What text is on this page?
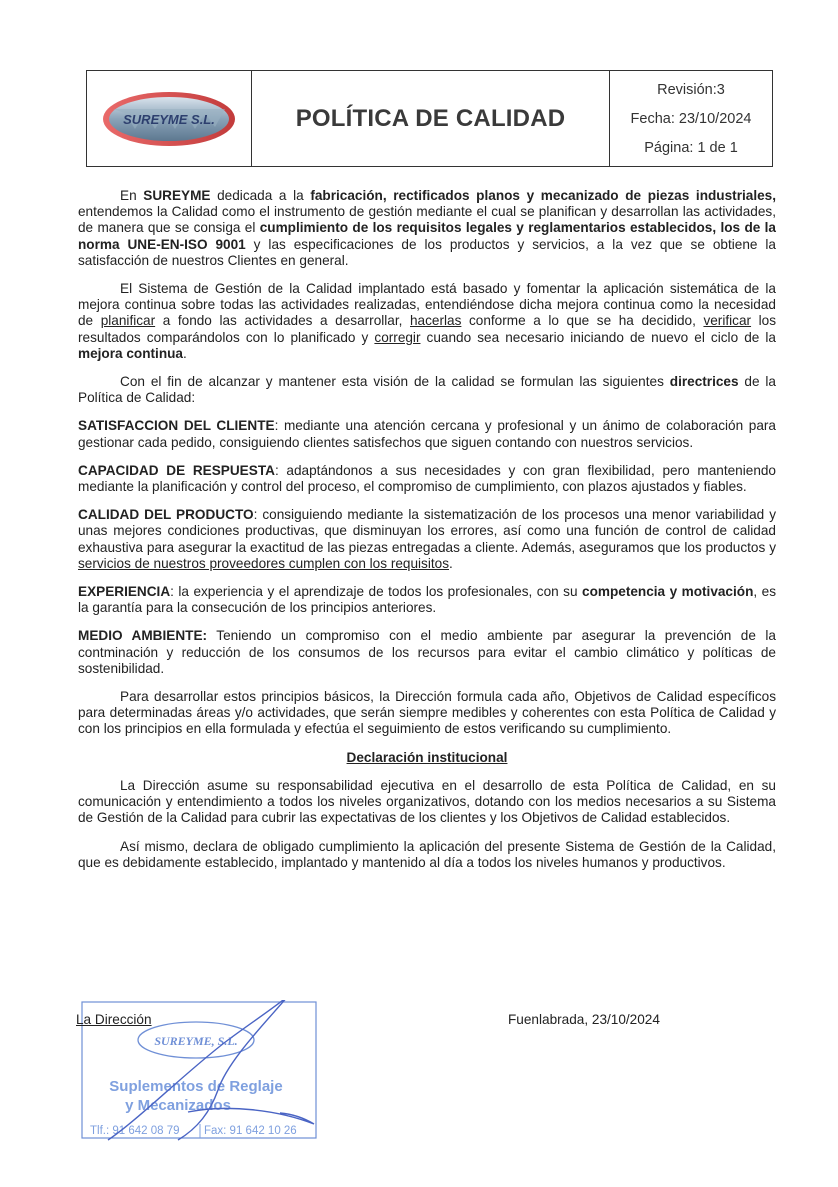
SUREYME S.L.	POLÍTICA DE CALIDAD
Revisión:3
Fecha: 23/10/2024
Página: 1 de 1

En SUREYME dedicada a la fabricación, rectificados planos y mecanizado de piezas industriales, entendemos la Calidad como el instrumento de gestión mediante el cual se planifican y desarrollan las actividades, de manera que se consiga el cumplimiento de los requisitos legales y reglamentarios establecidos, los de la norma UNE-EN-ISO 9001 y las especificaciones de los productos y servicios, a la vez que se obtiene la satisfacción de nuestros Clientes en general.

El Sistema de Gestión de la Calidad implantado está basado y fomentar la aplicación sistemática de la mejora continua sobre todas las actividades realizadas, entendiéndose dicha mejora continua como la necesidad de planificar a fondo las actividades a desarrollar, hacerlas conforme a lo que se ha decidido, verificar los resultados comparándolos con lo planificado y corregir cuando sea necesario iniciando de nuevo el ciclo de la mejora continua.

Con el fin de alcanzar y mantener esta visión de la calidad se formulan las siguientes directrices de la Política de Calidad:

SATISFACCION DEL CLIENTE: mediante una atención cercana y profesional y un ánimo de colaboración para gestionar cada pedido, consiguiendo clientes satisfechos que siguen contando con nuestros servicios.

CAPACIDAD DE RESPUESTA: adaptándonos a sus necesidades y con gran flexibilidad, pero manteniendo mediante la planificación y control del proceso, el compromiso de cumplimiento, con plazos ajustados y fiables.

CALIDAD DEL PRODUCTO: consiguiendo mediante la sistematización de los procesos una menor variabilidad y unas mejores condiciones productivas, que disminuyan los errores, así como una función de control de calidad exhaustiva para asegurar la exactitud de las piezas entregadas a cliente. Además, aseguramos que los productos y servicios de nuestros proveedores cumplen con los requisitos.

EXPERIENCIA: la experiencia y el aprendizaje de todos los profesionales, con su competencia y motivación, es la garantía para la consecución de los principios anteriores.

MEDIO AMBIENTE: Teniendo un compromiso con el medio ambiente par asegurar la prevención de la contminación y reducción de los consumos de los recursos para evitar el cambio climático y políticas de sostenibilidad.

Para desarrollar estos principios básicos, la Dirección formula cada año, Objetivos de Calidad específicos para determinadas áreas y/o actividades, que serán siempre medibles y coherentes con esta Política de Calidad y con los principios en ella formulada y efectúa el seguimiento de estos verificando su cumplimiento.

Declaración institucional

La Dirección asume su responsabilidad ejecutiva en el desarrollo de esta Política de Calidad, en su comunicación y entendimiento a todos los niveles organizativos, dotando con los medios necesarios a su Sistema de Gestión de la Calidad para cubrir las expectativas de los clientes y los Objetivos de Calidad establecidos.

Así mismo, declara de obligado cumplimiento la aplicación del presente Sistema de Gestión de la Calidad, que es debidamente establecido, implantado y mantenido al día a todos los niveles humanos y productivos.

SUREYME, S.L.
Suplementos de Reglaje
y Mecanizados
Tlf.: 91 642 08 79 Fax: 91 642 10 26
La Dirección	Fuenlabrada, 23/10/2024
